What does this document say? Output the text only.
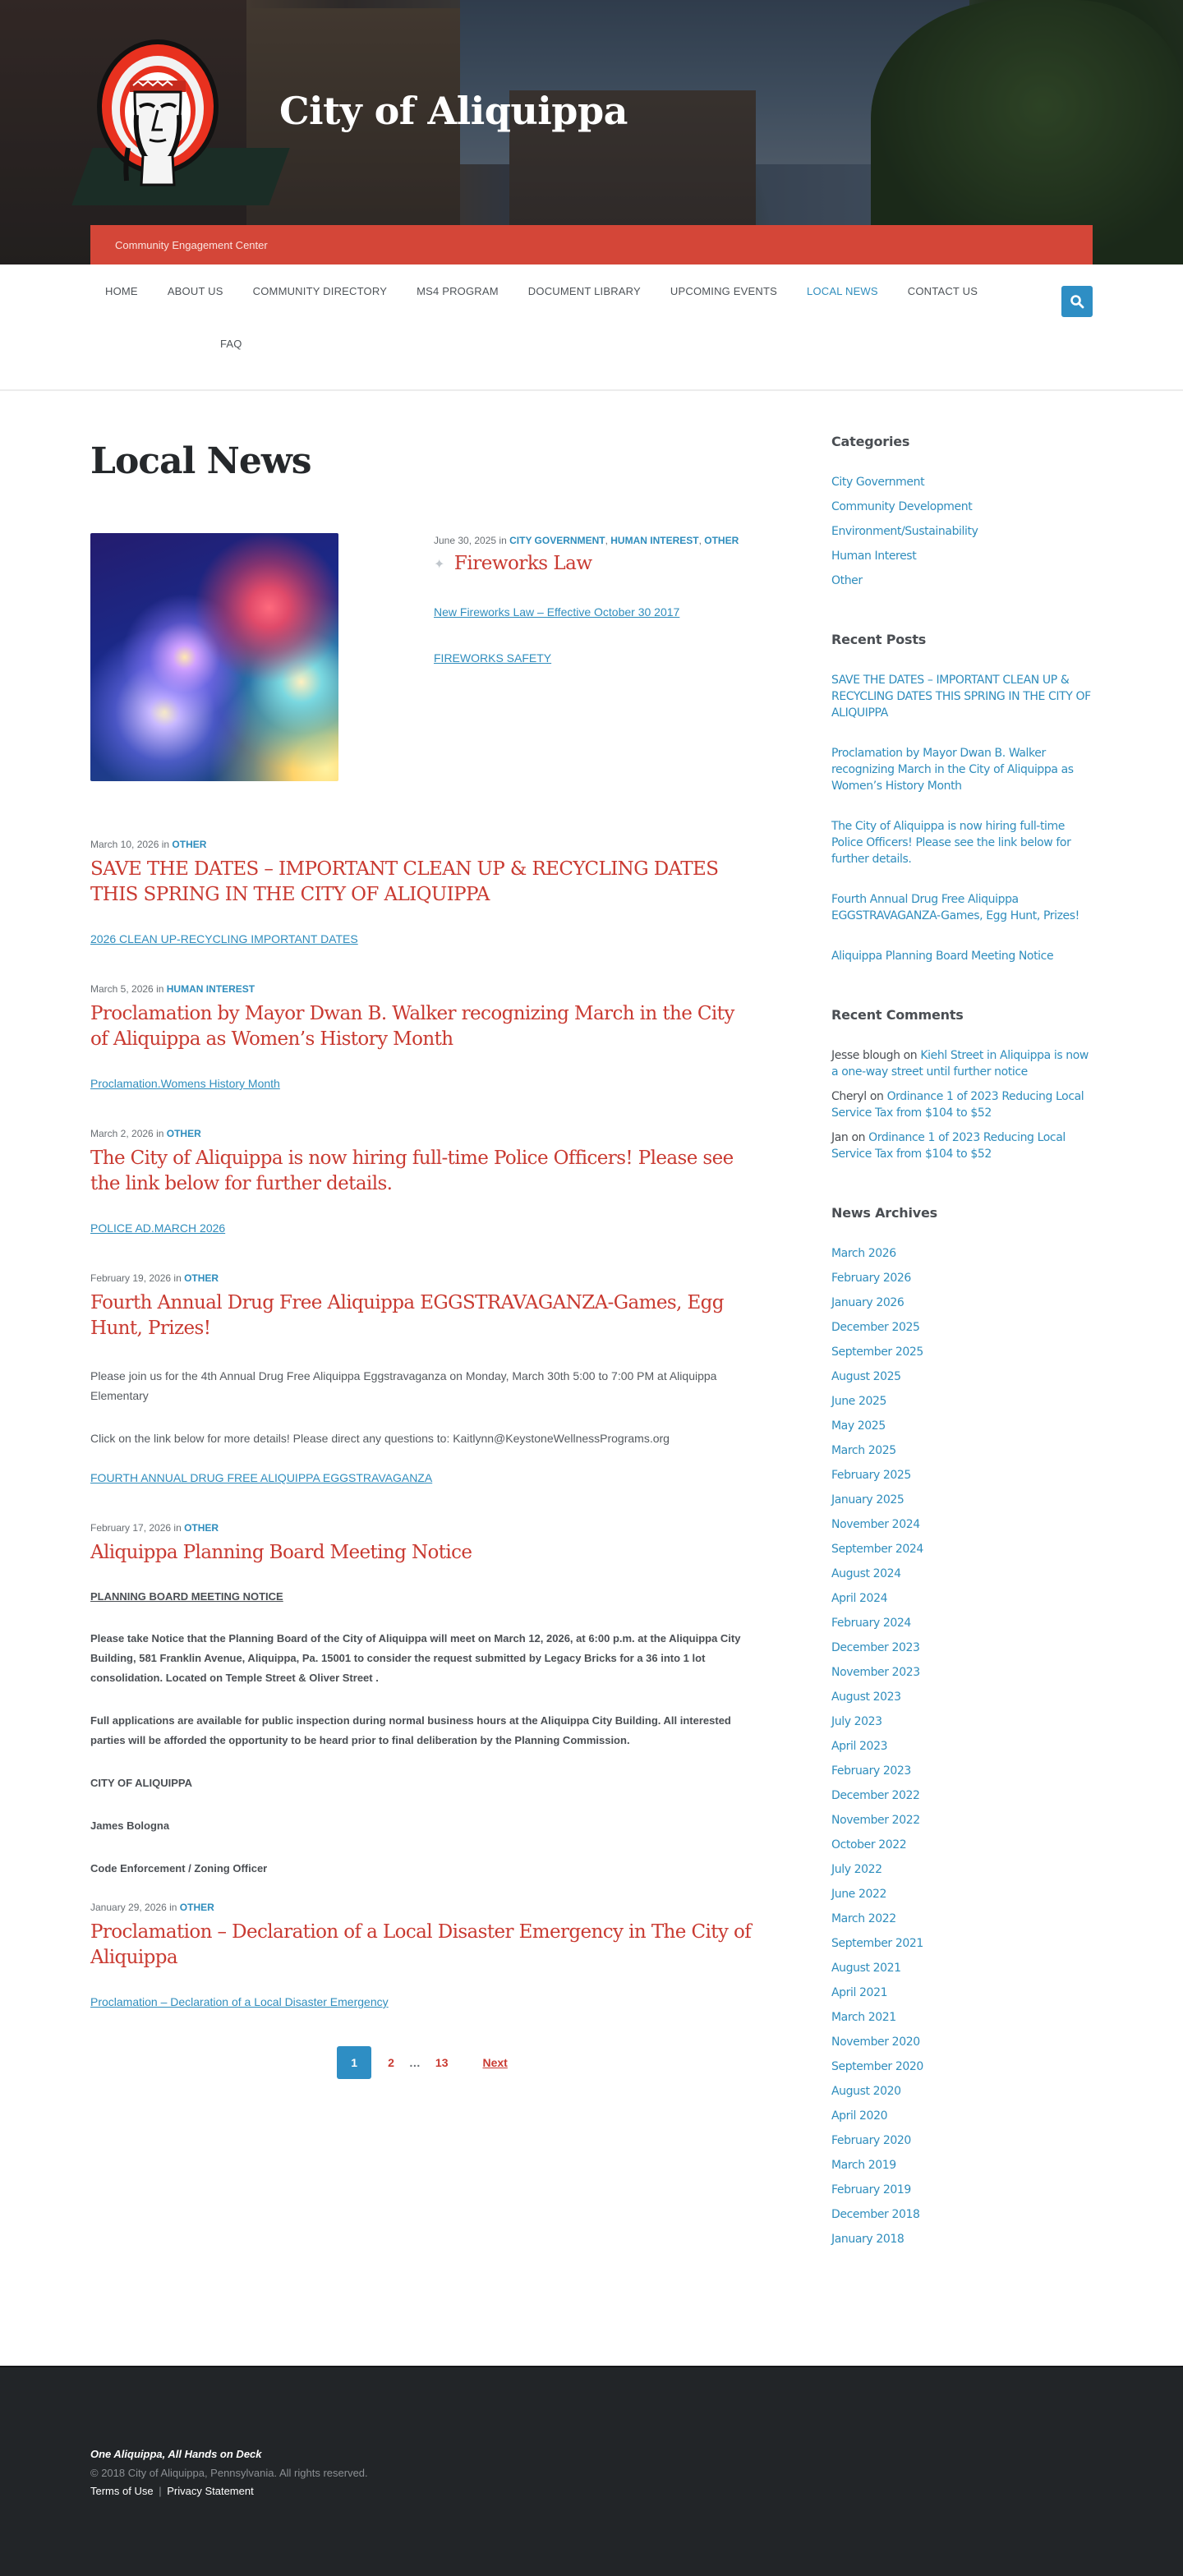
City of Aliquippa
Community Engagement Center
HOME	ABOUT US	COMMUNITY DIRECTORY	MS4 PROGRAM	DOCUMENT LIBRARY	UPCOMING EVENTS	LOCAL NEWS	CONTACT US
FAQ
Local News
June 30, 2025 in CITY GOVERNMENT, HUMAN INTEREST, OTHER
✦ Fireworks Law
New Fireworks Law – Effective October 30 2017
FIREWORKS SAFETY
March 10, 2026 in OTHER
SAVE THE DATES – IMPORTANT CLEAN UP & RECYCLING DATES THIS SPRING IN THE CITY OF ALIQUIPPA
2026 CLEAN UP-RECYCLING IMPORTANT DATES
March 5, 2026 in HUMAN INTEREST
Proclamation by Mayor Dwan B. Walker recognizing March in the City of Aliquippa as Women’s History Month
Proclamation.Womens History Month
March 2, 2026 in OTHER
The City of Aliquippa is now hiring full-time Police Officers! Please see the link below for further details.
POLICE AD.MARCH 2026
February 19, 2026 in OTHER
Fourth Annual Drug Free Aliquippa EGGSTRAVAGANZA-Games, Egg Hunt, Prizes!

Please join us for the 4th Annual Drug Free Aliquippa Eggstravaganza on Monday, March 30th 5:00 to 7:00 PM at Aliquippa Elementary

Click on the link below for more details! Please direct any questions to: Kaitlynn@KeystoneWellnessPrograms.org

FOURTH ANNUAL DRUG FREE ALIQUIPPA EGGSTRAVAGANZA
February 17, 2026 in OTHER
Aliquippa Planning Board Meeting Notice
PLANNING BOARD MEETING NOTICE

Please take Notice that the Planning Board of the City of Aliquippa will meet on March 12, 2026, at 6:00 p.m. at the Aliquippa City Building, 581 Franklin Avenue, Aliquippa, Pa. 15001 to consider the request submitted by Legacy Bricks for a 36 into 1 lot consolidation. Located on Temple Street & Oliver Street .

Full applications are available for public inspection during normal business hours at the Aliquippa City Building. All interested parties will be afforded the opportunity to be heard prior to final deliberation by the Planning Commission.

CITY OF ALIQUIPPA

James Bologna

Code Enforcement / Zoning Officer

January 29, 2026 in OTHER
Proclamation – Declaration of a Local Disaster Emergency in The City of Aliquippa
Proclamation – Declaration of a Local Disaster Emergency
1	2	…	13	Next
Categories
City Government
Community Development
Environment/Sustainability
Human Interest
Other
Recent Posts
SAVE THE DATES – IMPORTANT CLEAN UP & RECYCLING DATES THIS SPRING IN THE CITY OF ALIQUIPPA
Proclamation by Mayor Dwan B. Walker recognizing March in the City of Aliquippa as Women’s History Month
The City of Aliquippa is now hiring full-time Police Officers! Please see the link below for further details.
Fourth Annual Drug Free Aliquippa EGGSTRAVAGANZA-Games, Egg Hunt, Prizes!
Aliquippa Planning Board Meeting Notice
Recent Comments
Jesse blough on Kiehl Street in Aliquippa is now a one-way street until further notice
Cheryl on Ordinance 1 of 2023 Reducing Local Service Tax from $104 to $52
Jan on Ordinance 1 of 2023 Reducing Local Service Tax from $104 to $52
News Archives
March 2026
February 2026
January 2026
December 2025
September 2025
August 2025
June 2025
May 2025
March 2025
February 2025
January 2025
November 2024
September 2024
August 2024
April 2024
February 2024
December 2023
November 2023
August 2023
July 2023
April 2023
February 2023
December 2022
November 2022
October 2022
July 2022
June 2022
March 2022
September 2021
August 2021
April 2021
March 2021
November 2020
September 2020
August 2020
April 2020
February 2020
March 2019
February 2019
December 2018
January 2018
One Aliquippa, All Hands on Deck
© 2018 City of Aliquippa, Pennsylvania. All rights reserved.
Terms of Use | Privacy Statement
